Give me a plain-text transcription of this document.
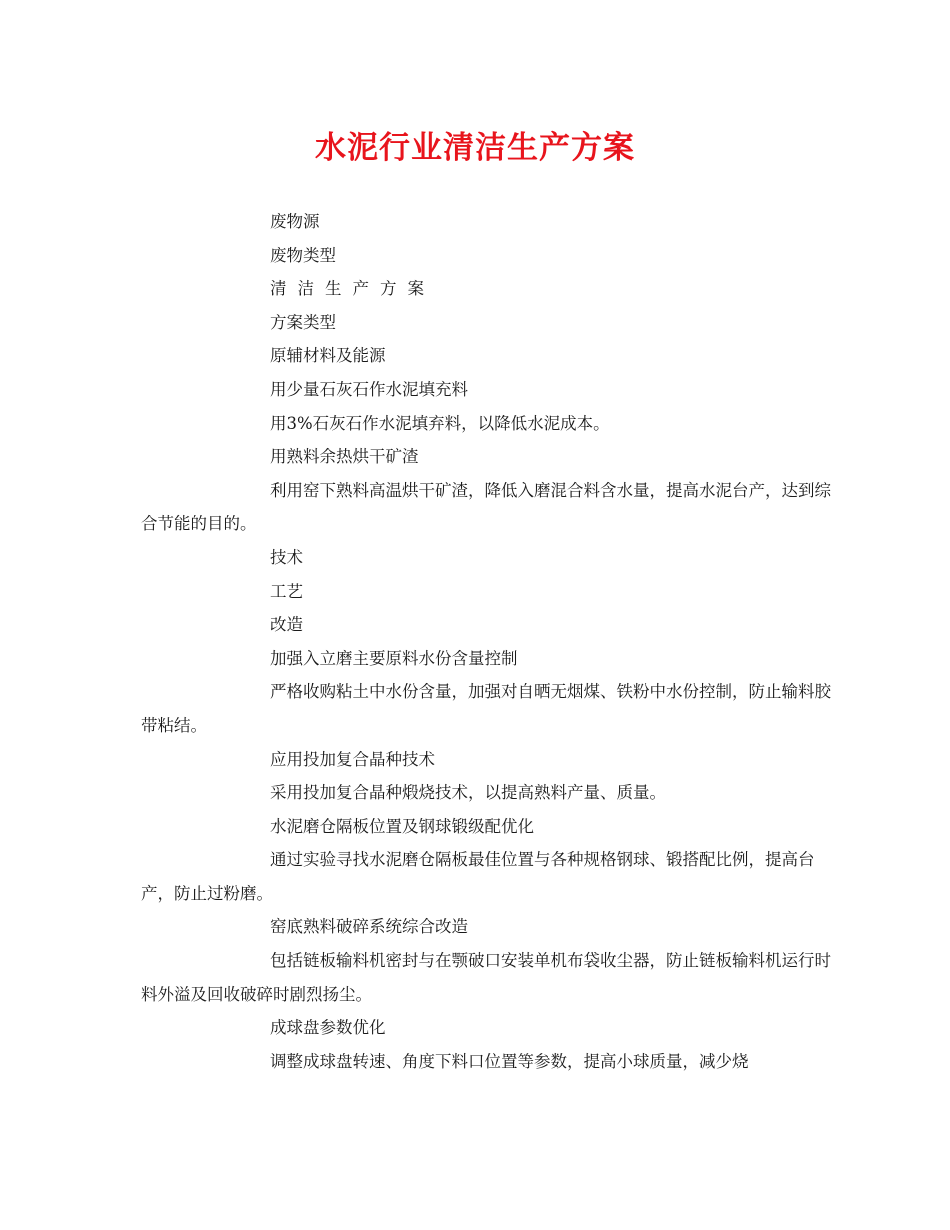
水泥行业清洁生产方案

废物源

废物类型

清洁生产方案

方案类型

原辅材料及能源

用少量石灰石作水泥填充料

用3%石灰石作水泥填弃料，以降低水泥成本。

用熟料余热烘干矿渣

利用窑下熟料高温烘干矿渣，降低入磨混合料含水量，提高水泥台产，达到综合节能的目的。

技术

工艺

改造

加强入立磨主要原料水份含量控制

严格收购粘土中水份含量，加强对自晒无烟煤、铁粉中水份控制，防止输料胶带粘结。

应用投加复合晶种技术

采用投加复合晶种煅烧技术，以提高熟料产量、质量。

水泥磨仓隔板位置及钢球锻级配优化

通过实验寻找水泥磨仓隔板最佳位置与各种规格钢球、锻搭配比例，提高台产，防止过粉磨。

窑底熟料破碎系统综合改造

包括链板输料机密封与在颚破口安装单机布袋收尘器，防止链板输料机运行时料外溢及回收破碎时剧烈扬尘。

成球盘参数优化

调整成球盘转速、角度下料口位置等参数，提高小球质量，减少烧
